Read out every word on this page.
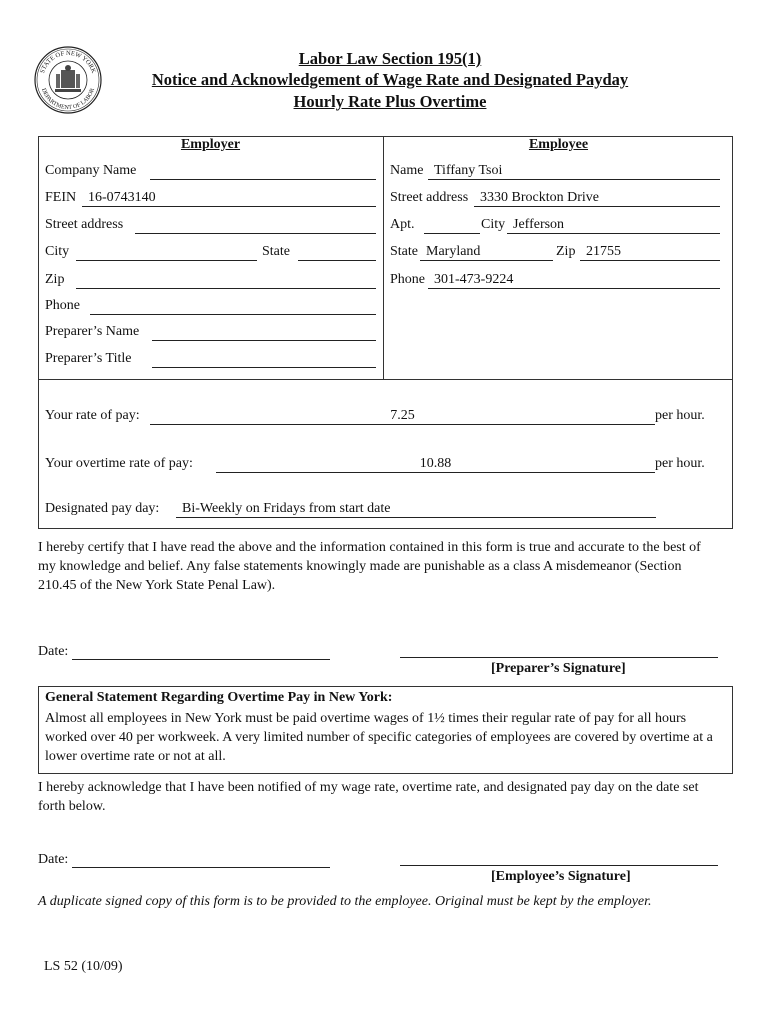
STATE OF NEW YORK
DEPARTMENT OF LABOR
Labor Law Section 195(1)
Notice and Acknowledgement of Wage Rate and Designated Payday
Hourly Rate Plus Overtime
Employer	Employee
Company Name
FEIN 16-0743140
Street address
City	State
Zip
Phone
Preparer’s Name
Preparer’s Title
Name Tiffany Tsoi
Street address 3330 Brockton Drive
Apt.	City Jefferson
State Maryland	Zip 21755
Phone 301-473-9224
Your rate of pay:	7.25	per hour.
Your overtime rate of pay:	10.88	per hour.
Designated pay day:	Bi-Weekly on Fridays from start date
I hereby certify that I have read the above and the information contained in this form is true and accurate to the best of my knowledge and belief. Any false statements knowingly made are punishable as a class A misdemeanor (Section 210.45 of the New York State Penal Law).
Date:
[Preparer’s Signature]
General Statement Regarding Overtime Pay in New York:
Almost all employees in New York must be paid overtime wages of 1½ times their regular rate of pay for all hours worked over 40 per workweek. A very limited number of specific categories of employees are covered by overtime at a lower overtime rate or not at all.
I hereby acknowledge that I have been notified of my wage rate, overtime rate, and designated pay day on the date set forth below.
Date:
[Employee’s Signature]
A duplicate signed copy of this form is to be provided to the employee. Original must be kept by the employer.
LS 52 (10/09)
